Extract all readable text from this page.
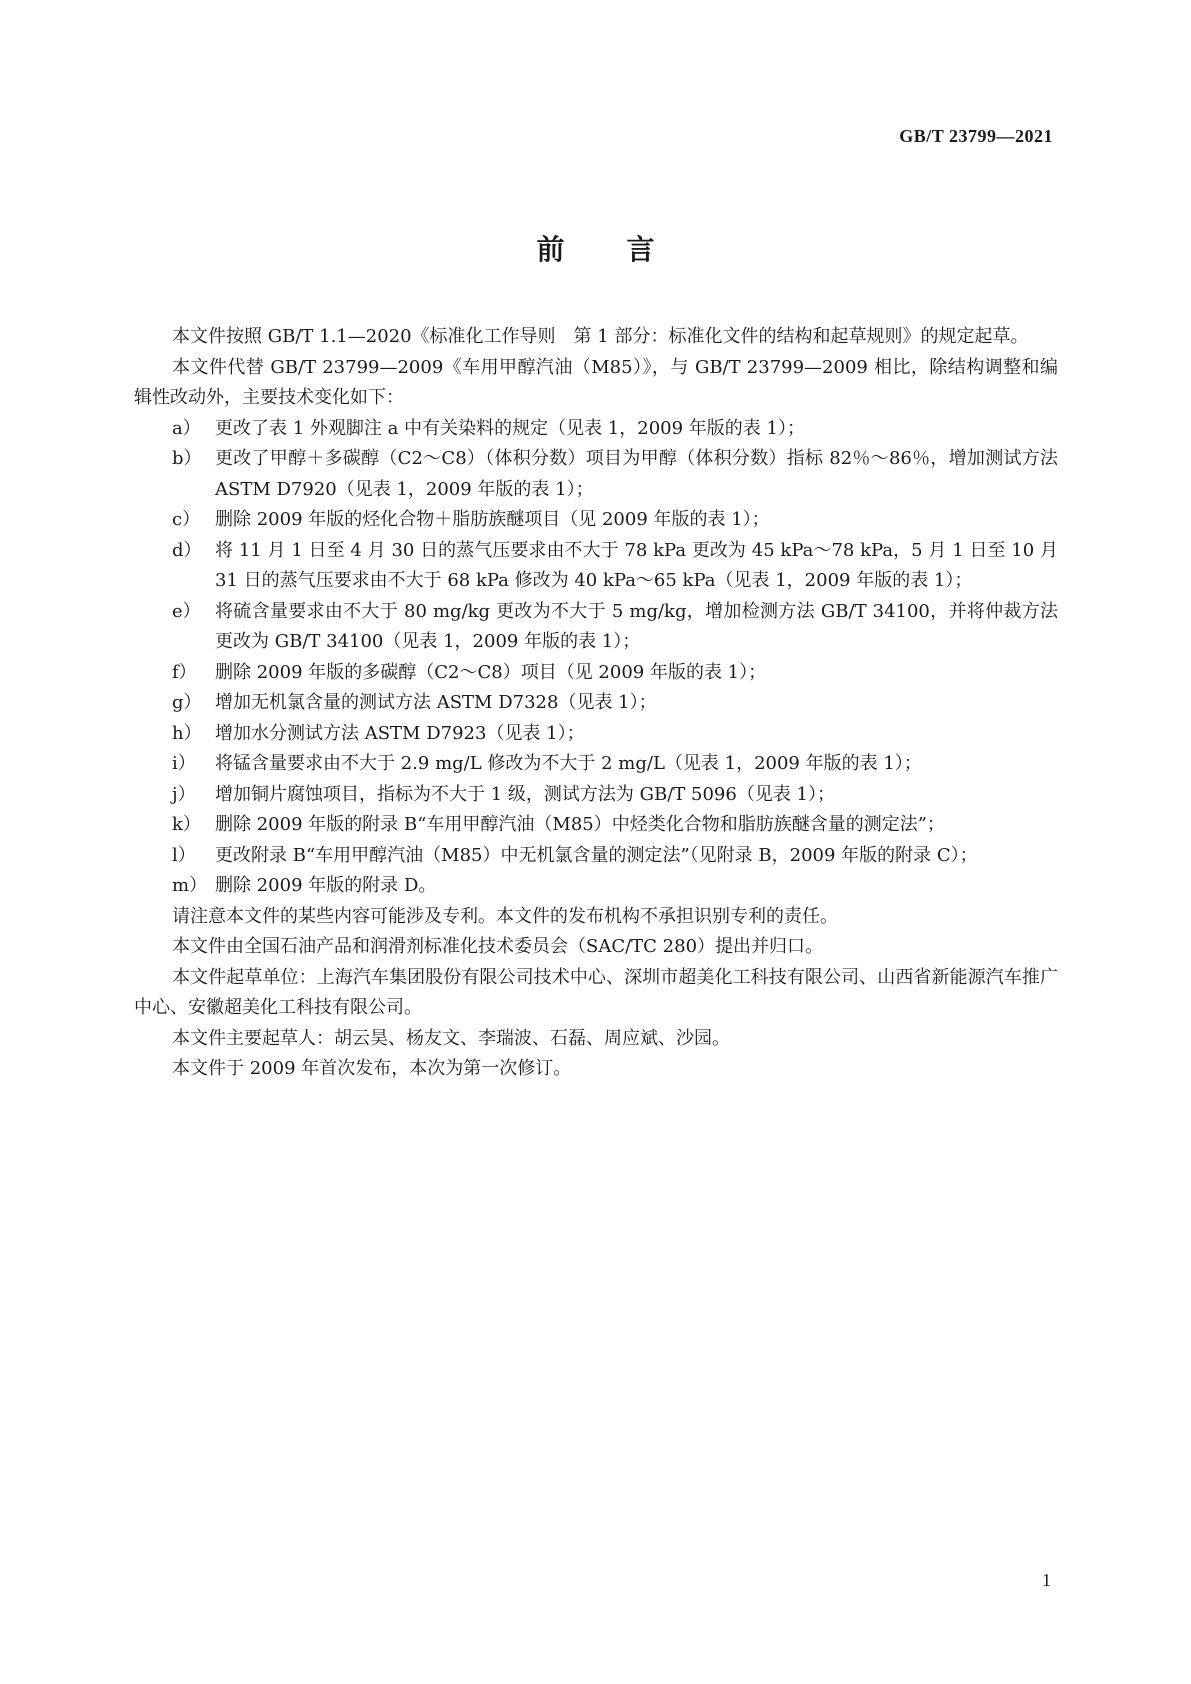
GB/T 23799—2021
前言

本文件按照 GB/T 1.1—2020《标准化工作导则　第 1 部分：标准化文件的结构和起草规则》的规定起草。

本文件代替 GB/T 23799—2009《车用甲醇汽油（M85）》，与 GB/T 23799—2009 相比，除结构调整和编辑性改动外，主要技术变化如下：

a） 更改了表 1 外观脚注 a 中有关染料的规定（见表 1，2009 年版的表 1）；
b） 更改了甲醇＋多碳醇（C2～C8）（体积分数）项目为甲醇（体积分数）指标 82％～86％，增加测试方法 ASTM D7920（见表 1，2009 年版的表 1）；
c） 删除 2009 年版的烃化合物＋脂肪族醚项目（见 2009 年版的表 1）；
d） 将 11 月 1 日至 4 月 30 日的蒸气压要求由不大于 78 kPa 更改为 45 kPa～78 kPa，5 月 1 日至 10 月 31 日的蒸气压要求由不大于 68 kPa 修改为 40 kPa～65 kPa（见表 1，2009 年版的表 1）；
e） 将硫含量要求由不大于 80 mg/kg 更改为不大于 5 mg/kg，增加检测方法 GB/T 34100，并将仲裁方法更改为 GB/T 34100（见表 1，2009 年版的表 1）；
f）	删除 2009 年版的多碳醇（C2～C8）项目（见 2009 年版的表 1）；
g） 增加无机氯含量的测试方法 ASTM D7328（见表 1）；
h） 增加水分测试方法 ASTM D7923（见表 1）；
i）	将锰含量要求由不大于 2.9 mg/L 修改为不大于 2 mg/L（见表 1，2009 年版的表 1）；
j）	增加铜片腐蚀项目，指标为不大于 1 级，测试方法为 GB/T 5096（见表 1）；
k） 删除 2009 年版的附录 B“车用甲醇汽油（M85）中烃类化合物和脂肪族醚含量的测定法”；
l）	更改附录 B“车用甲醇汽油（M85）中无机氯含量的测定法”（见附录 B，2009 年版的附录 C）；
m） 删除 2009 年版的附录 D。

请注意本文件的某些内容可能涉及专利。本文件的发布机构不承担识别专利的责任。

本文件由全国石油产品和润滑剂标准化技术委员会（SAC/TC 280）提出并归口。

本文件起草单位：上海汽车集团股份有限公司技术中心、深圳市超美化工科技有限公司、山西省新能源汽车推广中心、安徽超美化工科技有限公司。

本文件主要起草人：胡云昊、杨友文、李瑞波、石磊、周应斌、沙园。

本文件于 2009 年首次发布，本次为第一次修订。

1
